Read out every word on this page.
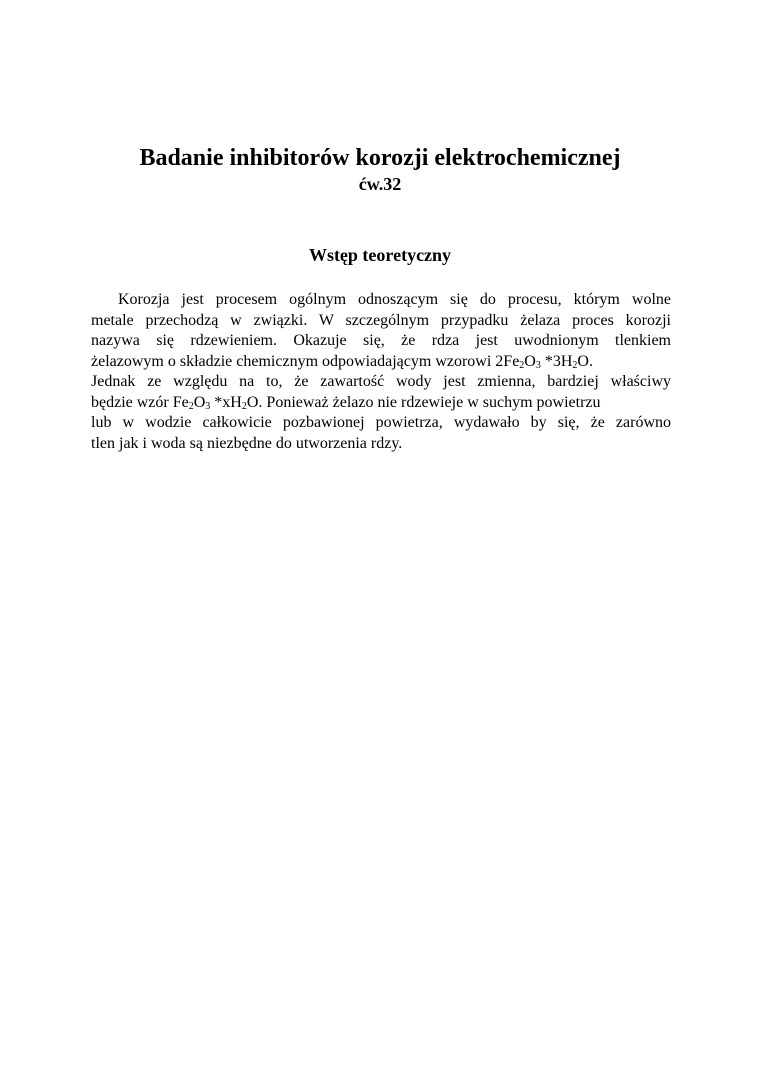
Badanie inhibitorów korozji elektrochemicznej
ćw.32
Wstęp teoretyczny
Korozja jest procesem ogólnym odnoszącym się do procesu, którym wolne
metale przechodzą w związki. W szczególnym przypadku żelaza proces korozji
nazywa się rdzewieniem. Okazuje się, że rdza jest uwodnionym tlenkiem
żelazowym o składzie chemicznym odpowiadającym wzorowi $2Fe_2O_3$ $*3H_2O$.
Jednak ze względu na to, że zawartość wody jest zmienna, bardziej właściwy
będzie wzór $Fe_2O_3$ $*xH_2O$. Ponieważ żelazo nie rdzewieje w suchym powietrzu
lub w wodzie całkowicie pozbawionej powietrza, wydawało by się, że zarówno
tlen jak i woda są niezbędne do utworzenia rdzy.
